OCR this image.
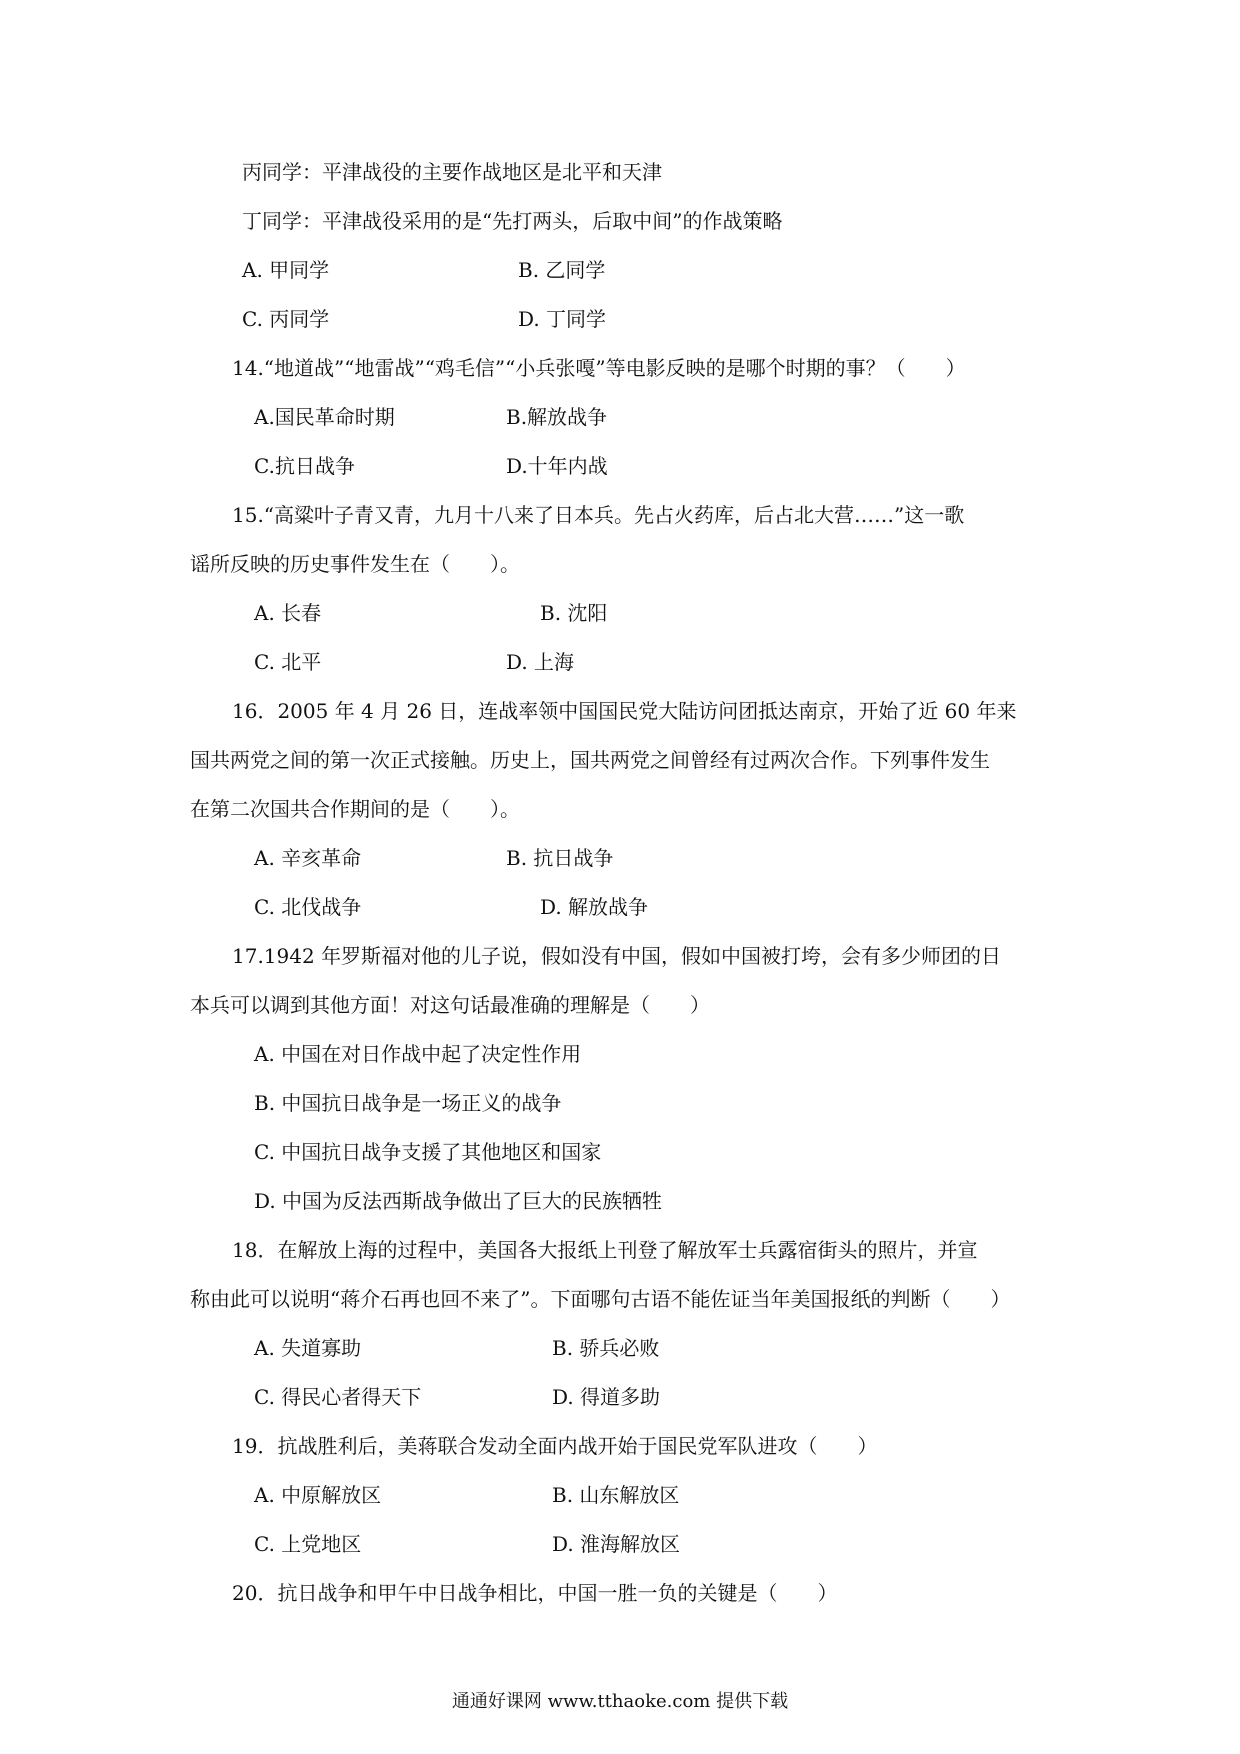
丙同学：平津战役的主要作战地区是北平和天津
丁同学：平津战役采用的是“先打两头，后取中间”的作战策略
A. 甲同学	B. 乙同学
C. 丙同学	D. 丁同学
14.“地道战”“地雷战”“鸡毛信”“小兵张嘎”等电影反映的是哪个时期的事？（　　）
A.国民革命时期	B.解放战争
C.抗日战争	D.十年内战
15.“高粱叶子青又青，九月十八来了日本兵。先占火药库，后占北大营……”这一歌
谣所反映的历史事件发生在（　　）。
A. 长春	B. 沈阳
C. 北平	D. 上海
16．2005 年 4 月 26 日，连战率领中国国民党大陆访问团抵达南京，开始了近 60 年来
国共两党之间的第一次正式接触。历史上，国共两党之间曾经有过两次合作。下列事件发生
在第二次国共合作期间的是（　　）。
A. 辛亥革命	B. 抗日战争
C. 北伐战争	D. 解放战争
17.1942 年罗斯福对他的儿子说，假如没有中国，假如中国被打垮，会有多少师团的日
本兵可以调到其他方面！对这句话最准确的理解是（　　）
A. 中国在对日作战中起了决定性作用
B. 中国抗日战争是一场正义的战争
C. 中国抗日战争支援了其他地区和国家
D. 中国为反法西斯战争做出了巨大的民族牺牲
18．在解放上海的过程中，美国各大报纸上刊登了解放军士兵露宿街头的照片，并宣
称由此可以说明“蒋介石再也回不来了”。下面哪句古语不能佐证当年美国报纸的判断（　　）
A. 失道寡助	B. 骄兵必败
C. 得民心者得天下	D. 得道多助
19．抗战胜利后，美蒋联合发动全面内战开始于国民党军队进攻（　　）
A. 中原解放区	B. 山东解放区
C. 上党地区	D. 淮海解放区
20．抗日战争和甲午中日战争相比，中国一胜一负的关键是（　　）
通通好课网 www.tthaoke.com 提供下载
